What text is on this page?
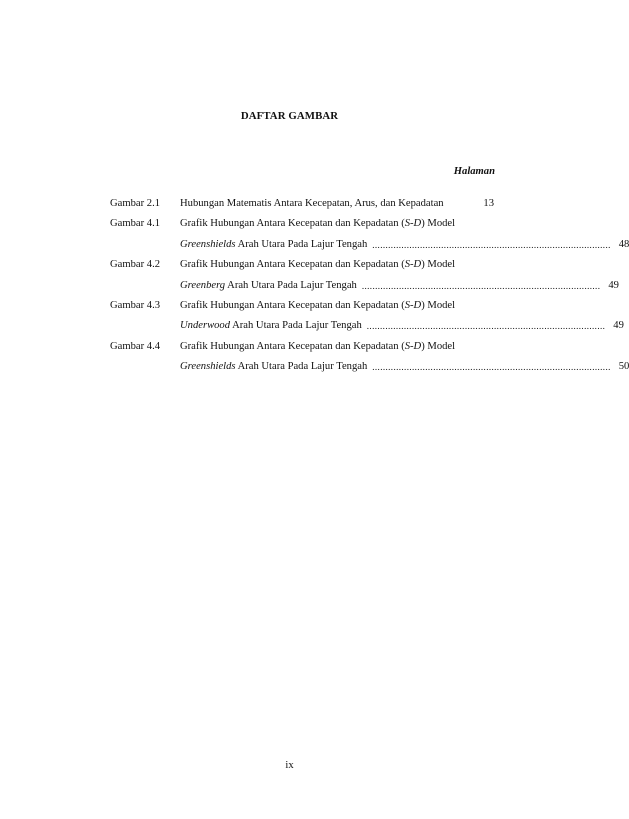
DAFTAR GAMBAR
Halaman
Gambar 2.1 Hubungan Matematis Antara Kecepatan, Arus, dan Kepadatan	13
Gambar 4.1 Grafik Hubungan Antara Kecepatan dan Kepadatan (S-D) Model
Greenshields Arah Utara Pada Lajur Tengah .......................................................................................... 48
Gambar 4.2 Grafik Hubungan Antara Kecepatan dan Kepadatan (S-D) Model
Greenberg Arah Utara Pada Lajur Tengah .......................................................................................... 49
Gambar 4.3 Grafik Hubungan Antara Kecepatan dan Kepadatan (S-D) Model
Underwood Arah Utara Pada Lajur Tengah .......................................................................................... 49
Gambar 4.4 Grafik Hubungan Antara Kecepatan dan Kepadatan (S-D) Model
Greenshields Arah Utara Pada Lajur Tengah .......................................................................................... 50
ix
